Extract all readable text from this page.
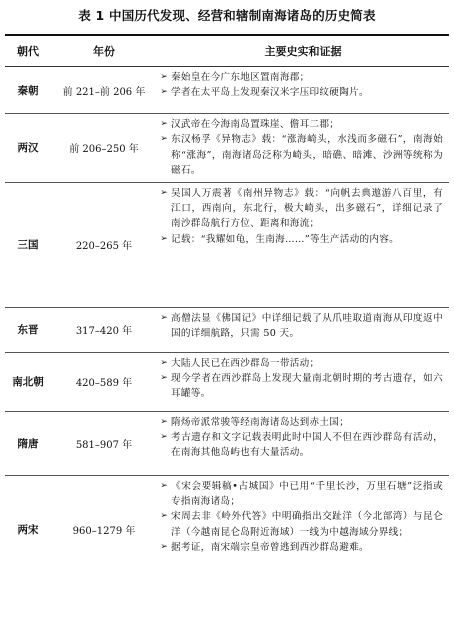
表 1 中国历代发现、经营和辖制南海诸岛的历史简表
朝代	年份	主要史实和证据
秦朝	前 221–前 206 年
➢ 秦始皇在今广东地区置南海郡；
➢ 学者在太平岛上发现秦汉米字压印纹硬陶片。
两汉	前 206–250 年
➢ 汉武帝在今海南岛置珠崖、儋耳二郡；
➢ 东汉杨孚《异物志》载：“涨海崎头，水浅而多磁石”，南海始称“涨海”，南海诸岛泛称为崎头，暗礁、暗滩、沙洲等统称为磁石。
三国	220–265 年
➢ 吴国人万震著《南州异物志》载：“向帆去典遨游八百里，有江口，西南向，东北行，极大崎头，出多磁石”，详细记录了南沙群岛航行方位、距离和海流；
➢ 记载：“我耀如龟，生南海……”等生产活动的内容。
东晋	317–420 年
➢ 高僧法显《佛国记》中详细记载了从爪哇取道南海从印度返中国的详细航路，只需 50 天。
南北朝	420–589 年
➢ 大陆人民已在西沙群岛一带活动；
➢ 现今学者在西沙群岛上发现大量南北朝时期的考古遗存，如六耳罐等。
隋唐	581–907 年
➢ 隋炀帝派常骏等经南海诸岛达到赤土国；
➢ 考古遗存和文字记载表明此时中国人不但在西沙群岛有活动，在南海其他岛屿也有大量活动。
两宋	960–1279 年
➢ 《宋会要辑稿•占城国》中已用“千里长沙，万里石塘”泛指或专指南海诸岛；
➢ 宋周去非《岭外代答》中明确指出交趾洋（今北部湾）与昆仑洋（今越南昆仑岛附近海域）一线为中越海域分界线；
➢ 据考证，南宋端宗皇帝曾逃到西沙群岛避难。
